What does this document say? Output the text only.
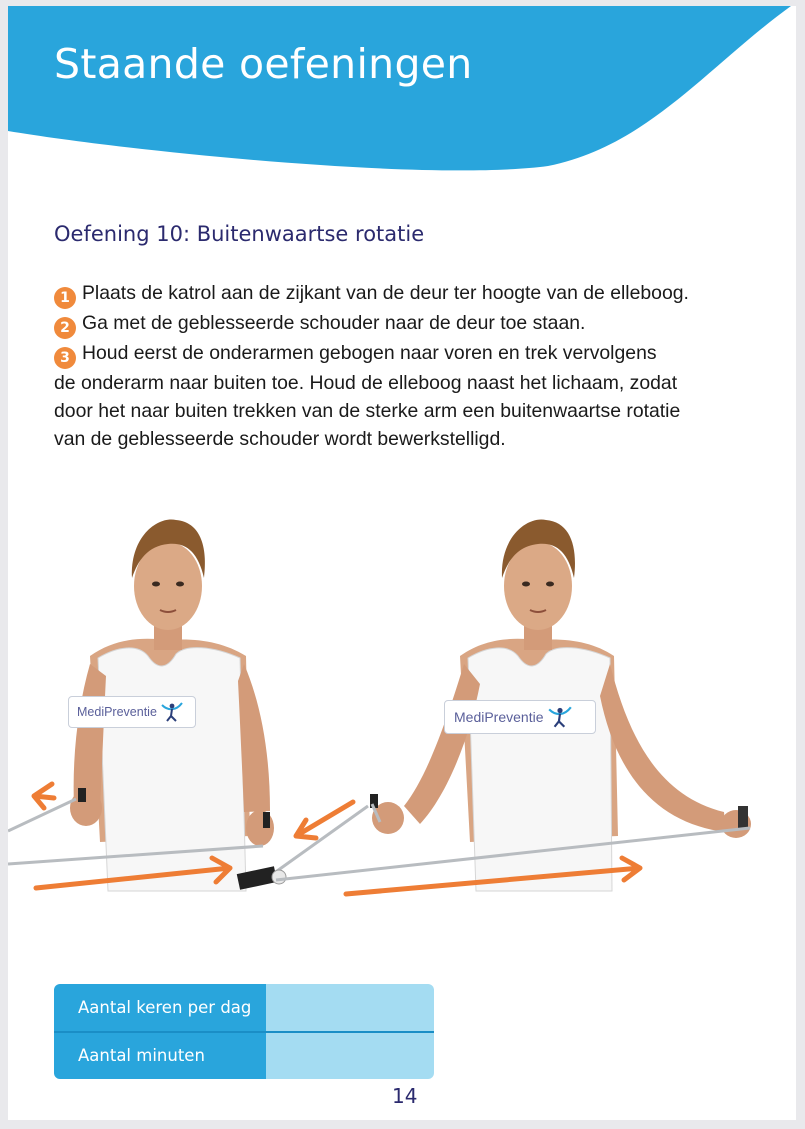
Staande oefeningen
Oefening 10: Buitenwaartse rotatie
1 Plaats de katrol aan de zijkant van de deur ter hoogte van de elleboog.
2 Ga met de geblesseerde schouder naar de deur toe staan.
3 Houd eerst de onderarmen gebogen naar voren en trek vervolgens
de onderarm naar buiten toe. Houd de elleboog naast het lichaam, zodat
door het naar buiten trekken van de sterke arm een buitenwaartse rotatie
van de geblesseerde schouder wordt bewerkstelligd.
MediPreventie	MediPreventie
Aantal keren per dag	
Aantal minuten	
14
